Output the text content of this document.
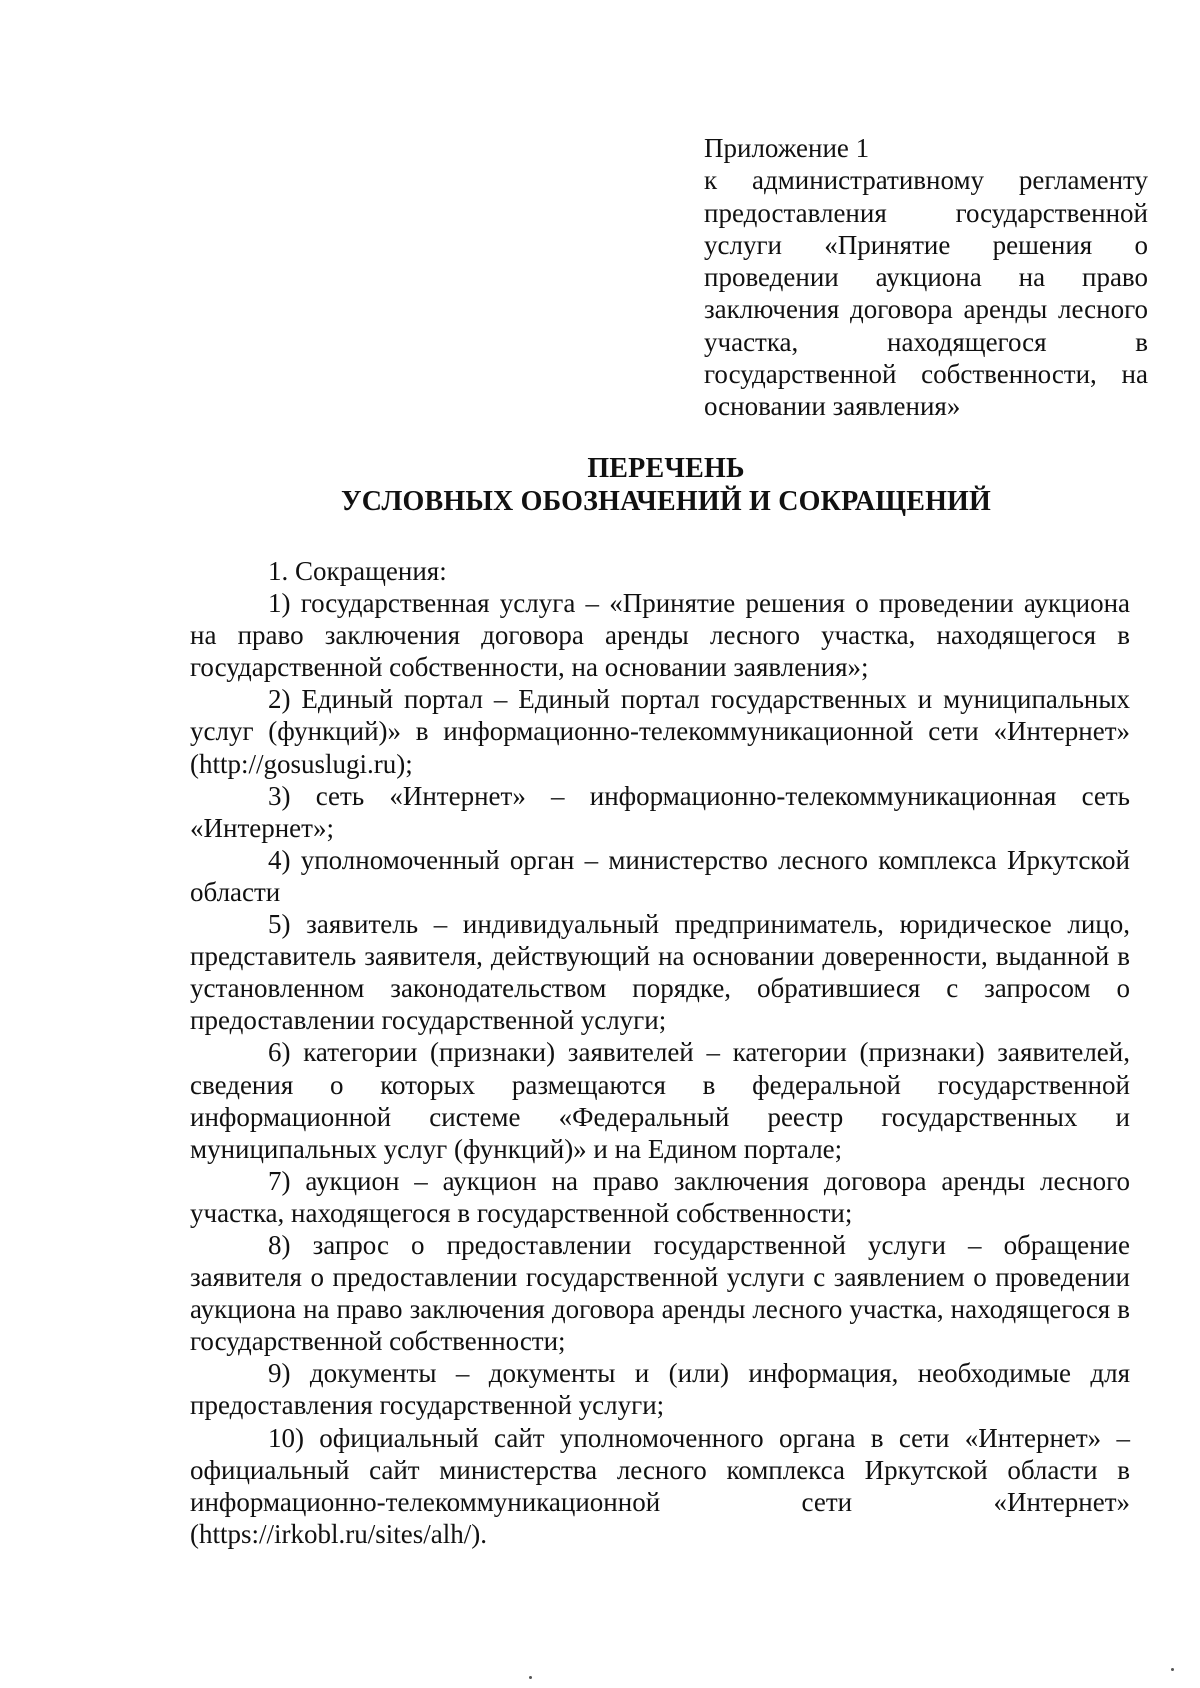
Приложение 1
к административному регламенту предоставления государственной услуги «Принятие решения о проведении аукциона на право заключения договора аренды лесного участка, находящегося в государственной собственности, на основании заявления»
ПЕРЕЧЕНЬ
УСЛОВНЫХ ОБОЗНАЧЕНИЙ И СОКРАЩЕНИЙ

1. Сокращения:

1) государственная услуга – «Принятие решения о проведении аукциона на право заключения договора аренды лесного участка, находящегося в государственной собственности, на основании заявления»;

2) Единый портал – Единый портал государственных и муниципальных услуг (функций)» в информационно-телекоммуникационной сети «Интернет» (http://gosuslugi.ru);

3) сеть «Интернет» – информационно-телекоммуникационная сеть «Интернет»;

4) уполномоченный орган – министерство лесного комплекса Иркутской области

5) заявитель – индивидуальный предприниматель, юридическое лицо, представитель заявителя, действующий на основании доверенности, выданной в установленном законодательством порядке, обратившиеся с запросом о предоставлении государственной услуги;

6) категории (признаки) заявителей – категории (признаки) заявителей, сведения о которых размещаются в федеральной государственной информационной системе «Федеральный реестр государственных и муниципальных услуг (функций)» и на Едином портале;

7) аукцион – аукцион на право заключения договора аренды лесного участка, находящегося в государственной собственности;

8) запрос о предоставлении государственной услуги – обращение заявителя о предоставлении государственной услуги с заявлением о проведении аукциона на право заключения договора аренды лесного участка, находящегося в государственной собственности;

9) документы – документы и (или) информация, необходимые для предоставления государственной услуги;

10) официальный сайт уполномоченного органа в сети «Интернет» – официальный сайт министерства лесного комплекса Иркутской области в информационно-телекоммуникационной сети «Интернет» (https://irkobl.ru/sites/alh/).
